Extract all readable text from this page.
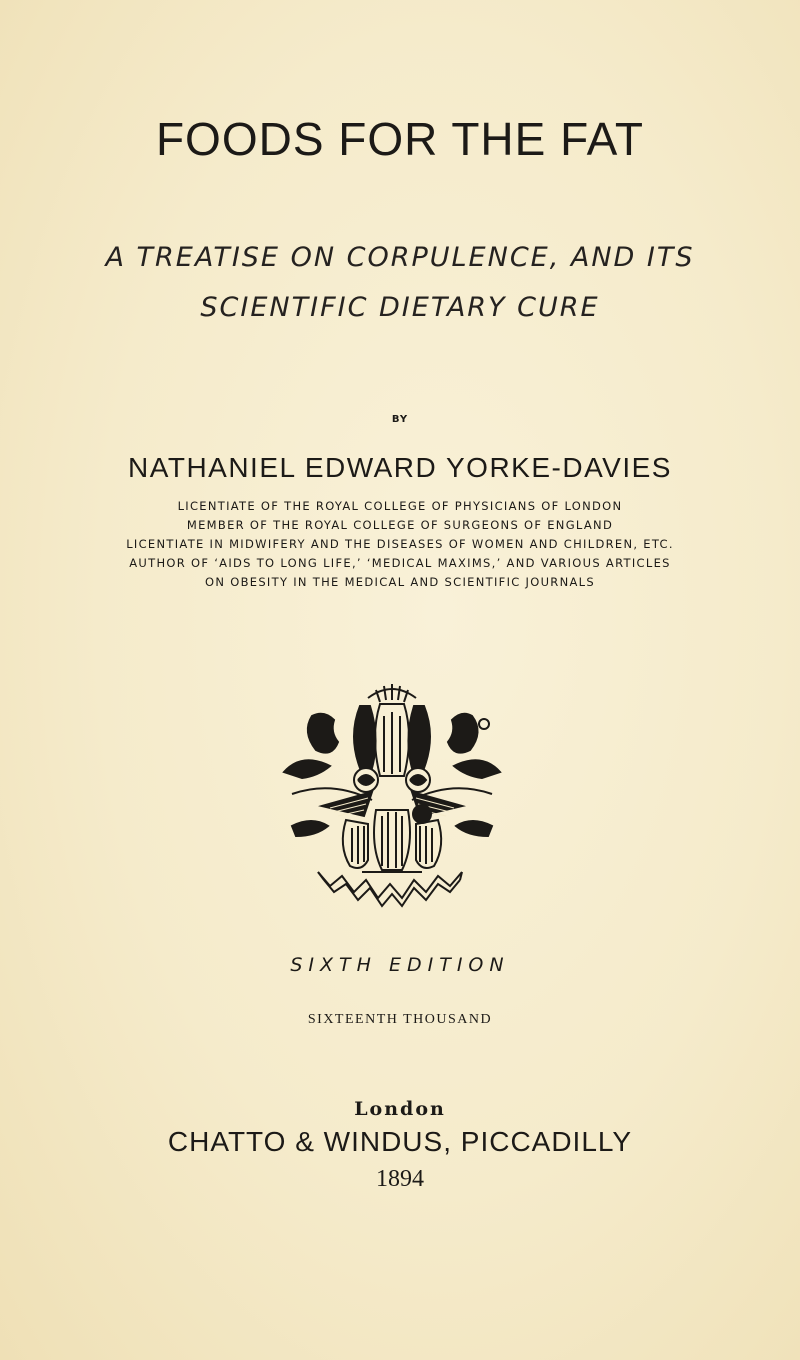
FOODS FOR THE FAT
A TREATISE ON CORPULENCE, AND ITS
SCIENTIFIC DIETARY CURE
BY
NATHANIEL EDWARD YORKE-DAVIES
LICENTIATE OF THE ROYAL COLLEGE OF PHYSICIANS OF LONDON
MEMBER OF THE ROYAL COLLEGE OF SURGEONS OF ENGLAND
LICENTIATE IN MIDWIFERY AND THE DISEASES OF WOMEN AND CHILDREN, ETC.
AUTHOR OF ‘AIDS TO LONG LIFE,’ ‘MEDICAL MAXIMS,’ AND VARIOUS ARTICLES
ON OBESITY IN THE MEDICAL AND SCIENTIFIC JOURNALS
SIXTH EDITION
SIXTEENTH THOUSAND
London
CHATTO & WINDUS, PICCADILLY
1894
